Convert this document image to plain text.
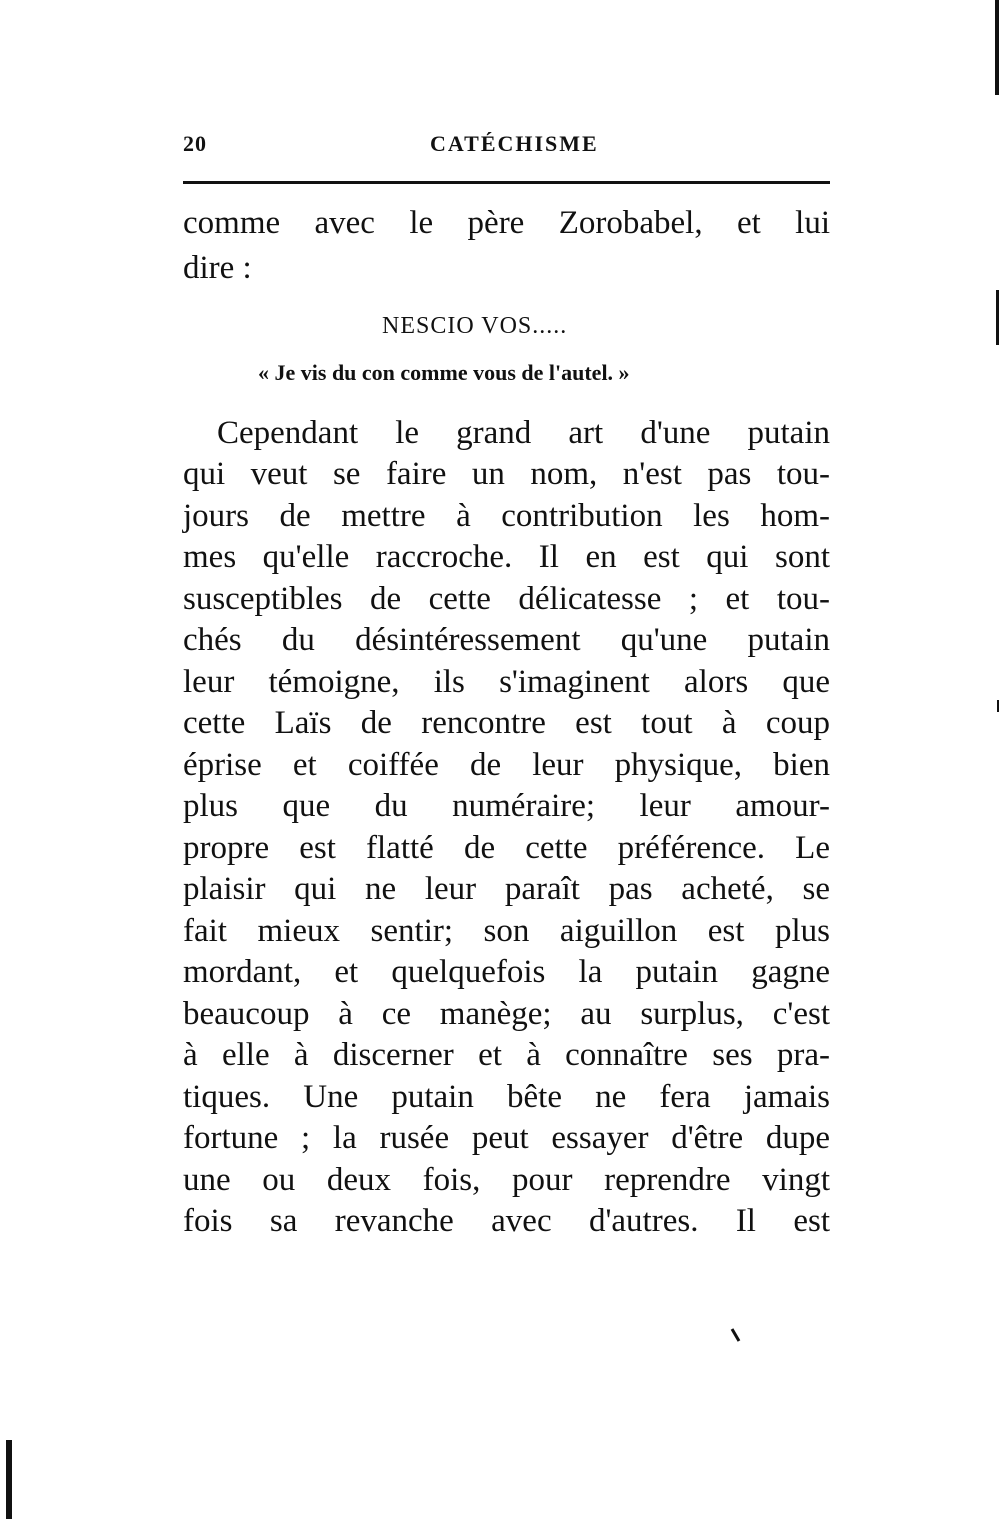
20	CATÉCHISME
comme avec le père Zorobabel, et lui
dire :
NESCIO VOS.....
« Je vis du con comme vous de l'autel. »
Cependant le grand art d'une putain
qui veut se faire un nom, n'est pas tou-
jours de mettre à contribution les hom-
mes qu'elle raccroche. Il en est qui sont
susceptibles de cette délicatesse ; et tou-
chés du désintéressement qu'une putain
leur témoigne, ils s'imaginent alors que
cette Laïs de rencontre est tout à coup
éprise et coiffée de leur physique, bien
plus que du numéraire; leur amour-
propre est flatté de cette préférence. Le
plaisir qui ne leur paraît pas acheté, se
fait mieux sentir; son aiguillon est plus
mordant, et quelquefois la putain gagne
beaucoup à ce manège; au surplus, c'est
à elle à discerner et à connaître ses pra-
tiques. Une putain bête ne fera jamais
fortune ; la rusée peut essayer d'être dupe
une ou deux fois, pour reprendre vingt
fois sa revanche avec d'autres. Il est
